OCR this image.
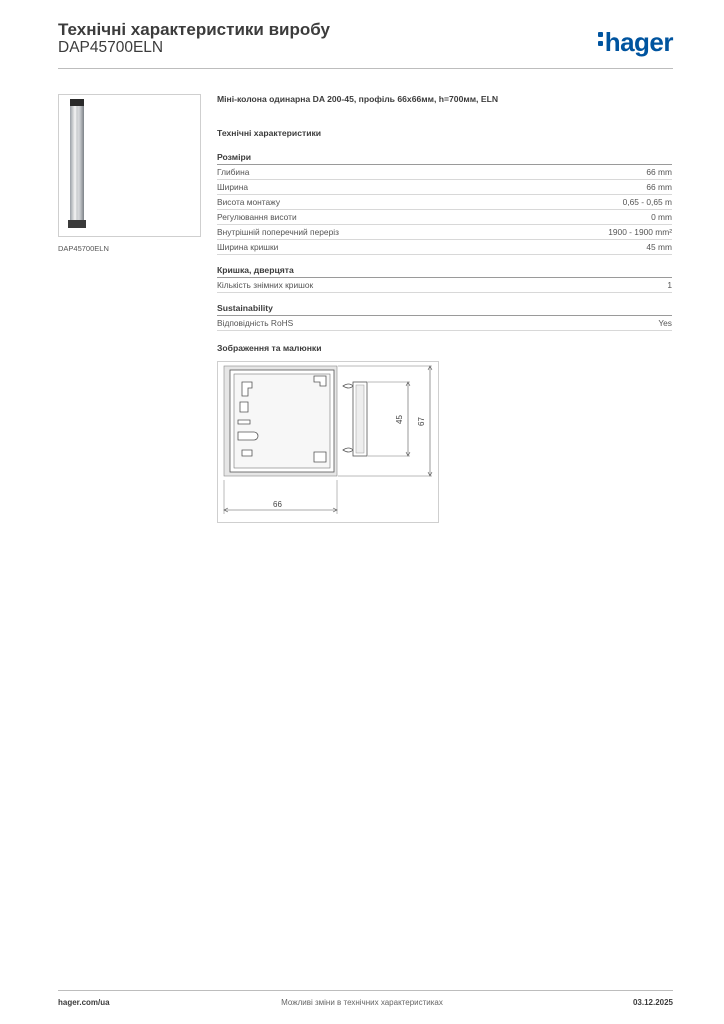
Технічні характеристики виробу
DAP45700ELN	hager
DAP45700ELN
Міні-колона одинарна DA 200-45, профіль 66х66мм, h=700мм, ELN
Технічні характеристики
Розміри
Глибина	66 mm
Ширина	66 mm
Висота монтажу	0,65 - 0,65 m
Регулювання висоти	0 mm
Внутрішній поперечний переріз	1900 - 1900 mm²
Ширина кришки	45 mm
Кришка, дверцята
Кількість знімних кришок	1
Sustainability
Відповідність RoHS	Yes
Зображення та малюнки
66
45 67
hager.com/ua	Можливі зміни в технічних характеристиках	03.12.2025
